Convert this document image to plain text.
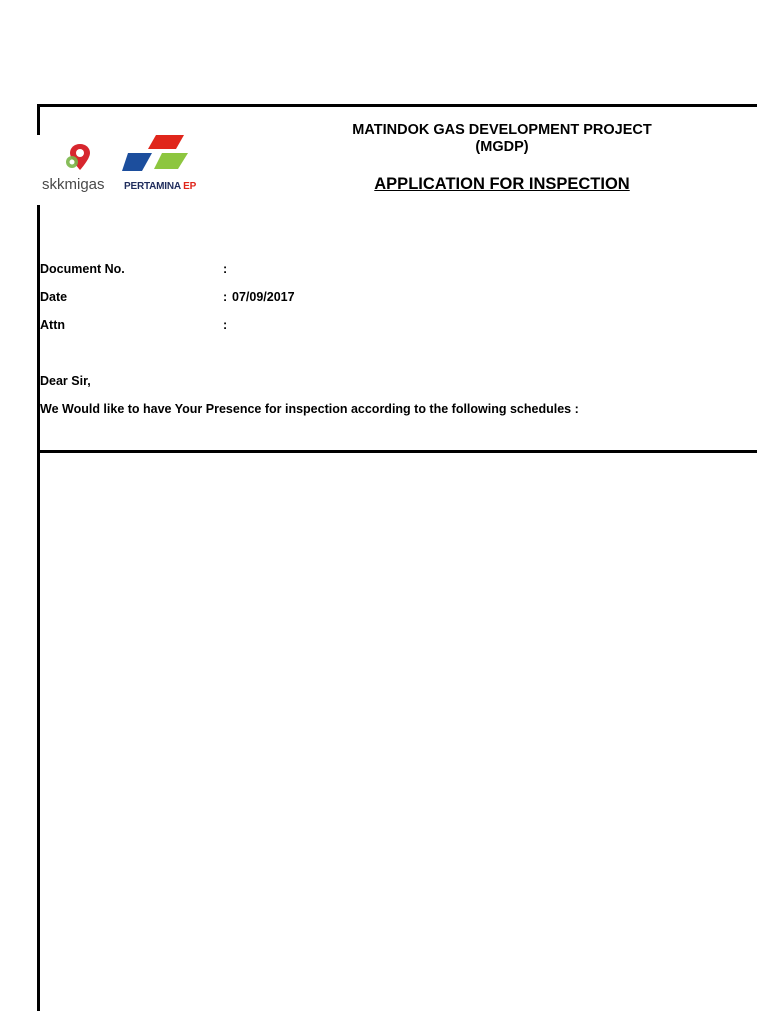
skkmigas PERTAMINA EP
MATINDOK GAS DEVELOPMENT PROJECT
(MGDP)
APPLICATION FOR INSPECTION
Document No.	:
Date	: 07/09/2017
Attn	:
Dear Sir,
We Would like to have Your Presence for inspection according to the following schedules :
